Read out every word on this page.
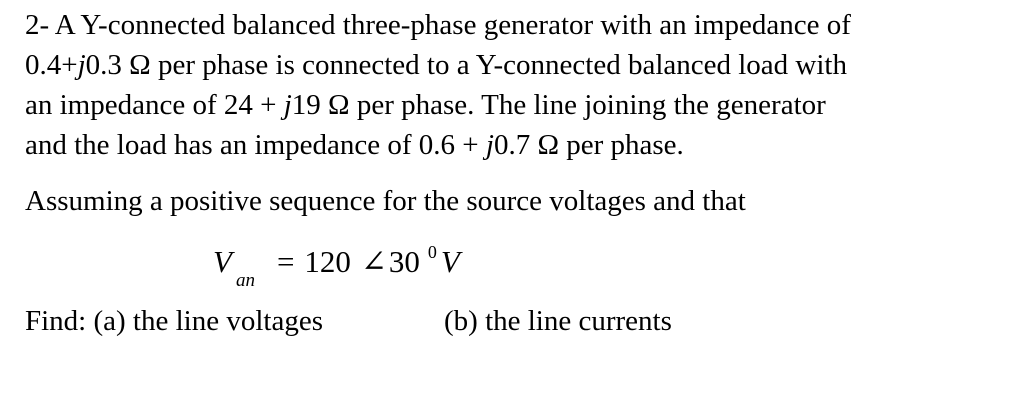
2- A Y-connected balanced three-phase generator with an impedance of
0.4+j0.3 Ω per phase is connected to a Y-connected balanced load with
an impedance of 24 + j19 Ω per phase. The line joining the generator
and the load has an impedance of 0.6 + j0.7 Ω per phase.
Assuming a positive sequence for the source voltages and that
$V_{an}= 120$ ∠30 $^0$ V
Find: (a) the line voltages	(b) the line currents
